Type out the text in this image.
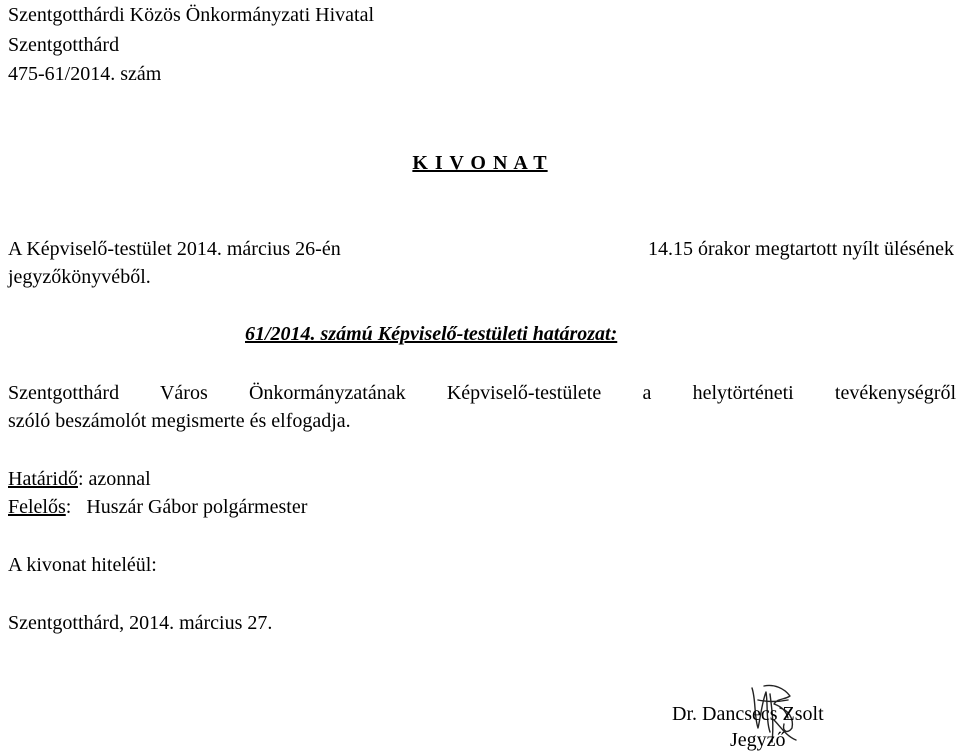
Szentgotthárdi Közös Önkormányzati Hivatal
Szentgotthárd
475-61/2014. szám
K I V O N A T
A Képviselő-testület 2014. március 26-én	14.15 órakor megtartott nyílt ülésének
jegyzőkönyvéből.
61/2014. számú Képviselő-testületi határozat:
Szentgotthárd Város Önkormányzatának Képviselő-testülete a helytörténeti tevékenységről
szóló beszámolót megismerte és elfogadja.
Határidő: azonnal
Felelős:   Huszár Gábor polgármester
A kivonat hiteléül:
Szentgotthárd, 2014. március 27.
Dr. Dancsecs Zsolt
Jegyző
